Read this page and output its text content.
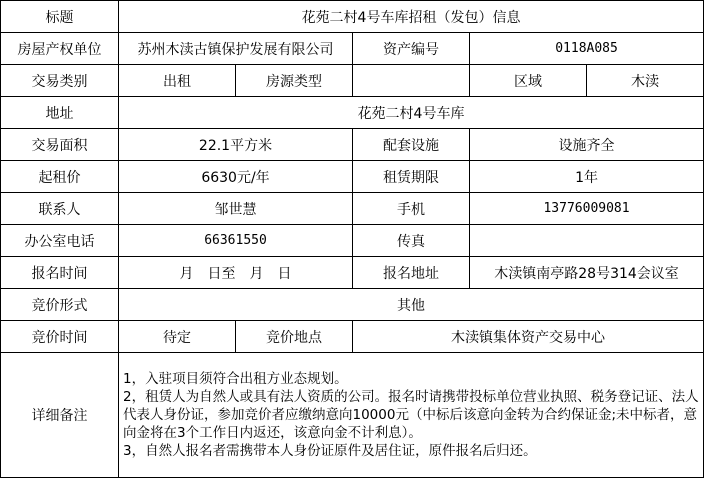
标题	花苑二村4号车库招租（发包）信息				
房屋产权单位	苏州木渎古镇保护发展有限公司		资产编号	0118A085	
交易类别	出租	房源类型		区域	木渎
地址	花苑二村4号车库				
交易面积	22.1平方米		配套设施	设施齐全	
起租价	6630元/年		租赁期限	1年	
联系人	邹世慧		手机	13776009081	
办公室电话	66361550		传真		
报名时间	月　日至　月　日		报名地址	木渎镇南亭路28号314会议室	
竞价形式	其他				
竞价时间	待定	竞价地点	木渎镇集体资产交易中心		
详细备注	1，入驻项目须符合出租方业态规划。
2，租赁人为自然人或具有法人资质的公司。报名时请携带投标单位营业执照、税务登记证、法人代表人身份证，参加竞价者应缴纳意向10000元（中标后该意向金转为合约保证金;未中标者，意向金将在3个工作日内返还，该意向金不计利息）。
3，自然人报名者需携带本人身份证原件及居住证，原件报名后归还。				
